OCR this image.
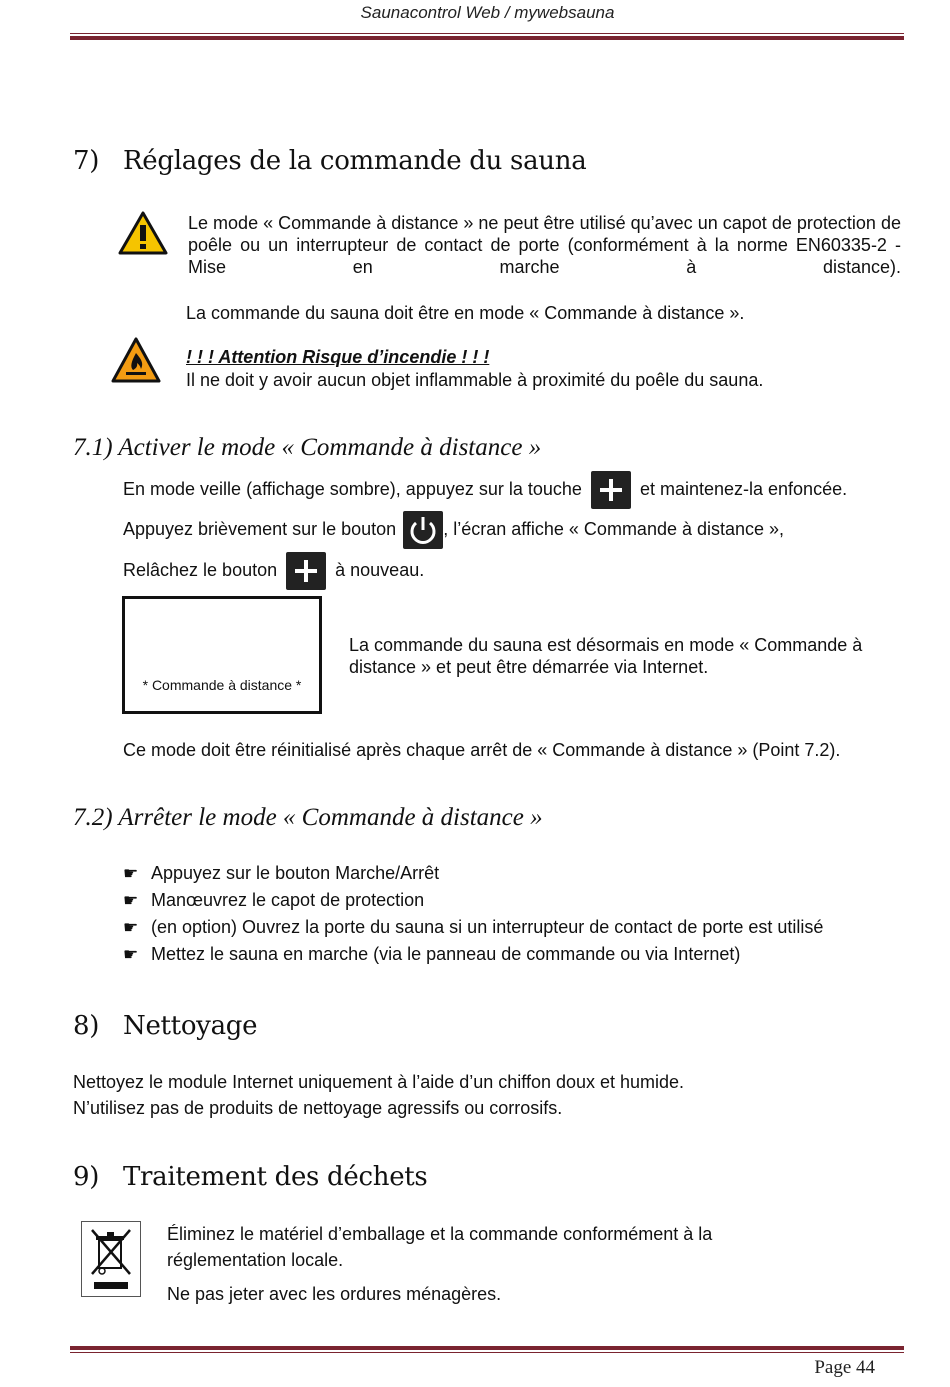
Saunacontrol Web / mywebsauna
7) Réglages de la commande du sauna
Le mode « Commande à distance » ne peut être utilisé qu’avec un capot de protection de poêle ou un interrupteur de contact de porte (conformément à la norme EN60335-2 - Mise en marche à distance).
La commande du sauna doit être en mode « Commande à distance ».
! ! ! Attention Risque d’incendie ! ! !
Il ne doit y avoir aucun objet inflammable à proximité du poêle du sauna.
7.1) Activer le mode « Commande à distance »
En mode veille (affichage sombre), appuyez sur la touche	et maintenez-la enfoncée.
Appuyez brièvement sur le bouton	, l’écran affiche « Commande à distance »,
Relâchez le bouton	à nouveau.
* Commande à distance *
La commande du sauna est désormais en mode « Commande à distance » et peut être démarrée via Internet.
Ce mode doit être réinitialisé après chaque arrêt de « Commande à distance » (Point 7.2).
7.2) Arrêter le mode « Commande à distance »
☛ Appuyez sur le bouton Marche/Arrêt
☛ Manœuvrez le capot de protection
☛ (en option) Ouvrez la porte du sauna si un interrupteur de contact de porte est utilisé
☛ Mettez le sauna en marche (via le panneau de commande ou via Internet)
8) Nettoyage
Nettoyez le module Internet uniquement à l’aide d’un chiffon doux et humide.
N’utilisez pas de produits de nettoyage agressifs ou corrosifs.
9) Traitement des déchets
Éliminez le matériel d’emballage et la commande conformément à la réglementation locale.
Ne pas jeter avec les ordures ménagères.
Page 44
